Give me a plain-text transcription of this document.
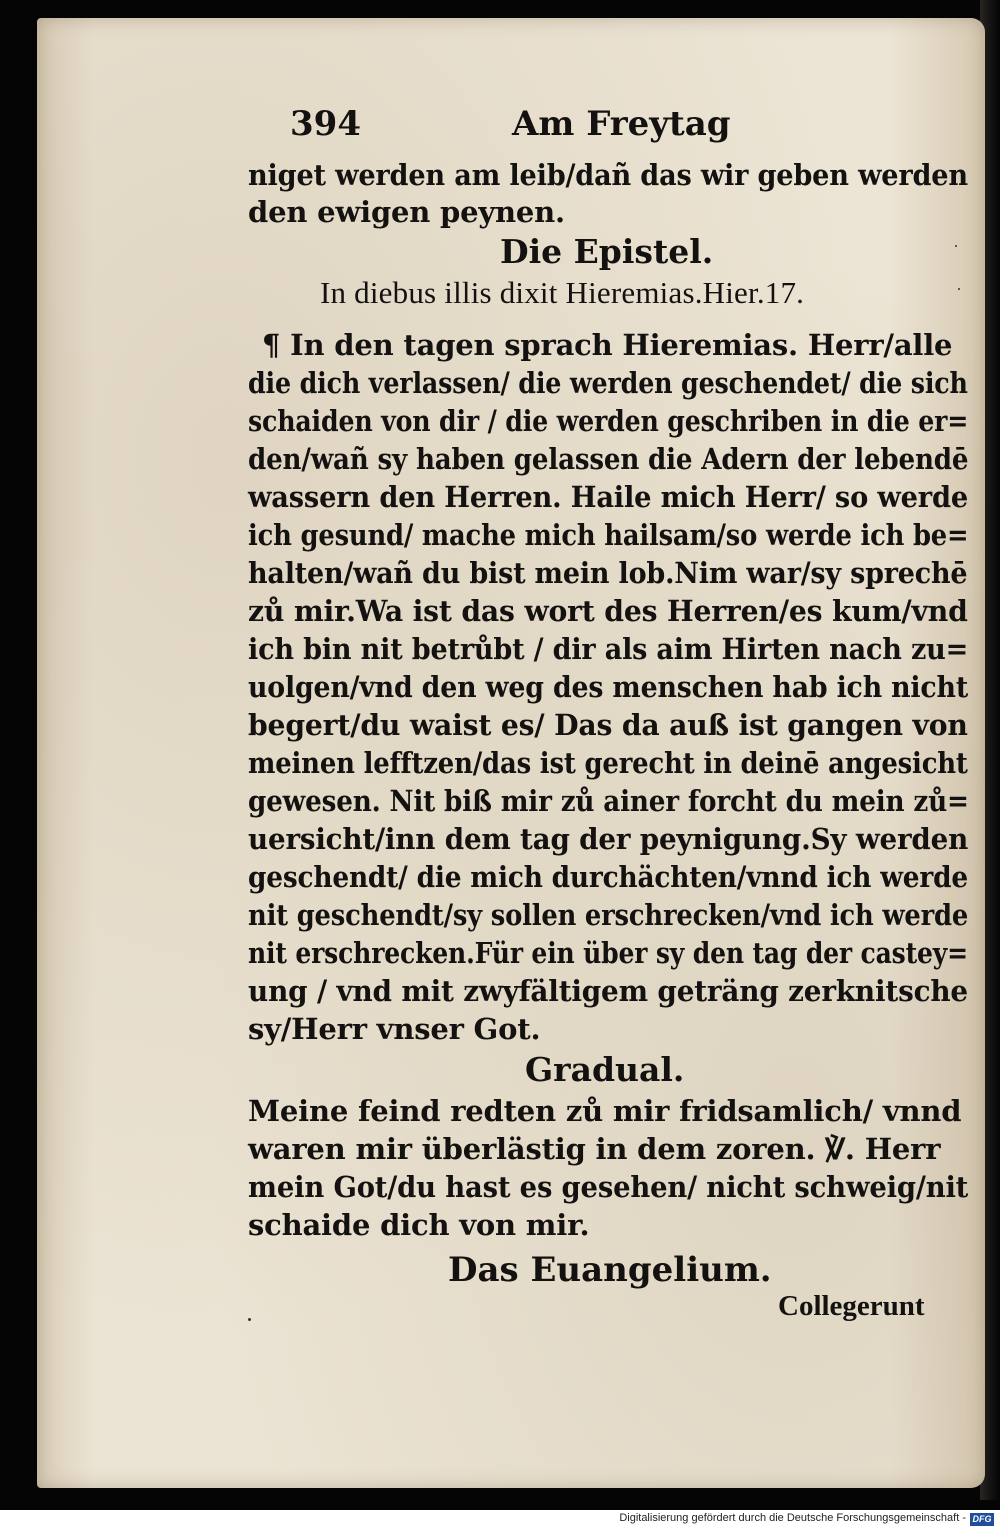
394	Am Freytag
niget werden am leib/dañ das wir geben werden
den ewigen peynen.
Die Epistel.
In diebus illis dixit Hieremias.Hier.17.
¶ In den tagen sprach Hieremias. Herr/alle
die dich verlassen/ die werden geschendet/ die sich
schaiden von dir / die werden geschriben in die er=
den/wañ sy haben gelassen die Adern der lebendē
wassern den Herren. Haile mich Herr/ so werde
ich gesund/ mache mich hailsam/so werde ich be=
halten/wañ du bist mein lob.Nim war/sy sprechē
zů mir.Wa ist das wort des Herren/es kum/vnd
ich bin nit betrůbt / dir als aim Hirten nach zu=
uolgen/vnd den weg des menschen hab ich nicht
begert/du waist es/ Das da auß ist gangen von
meinen lefftzen/das ist gerecht in deinē angesicht
gewesen. Nit biß mir zů ainer forcht du mein zů=
uersicht/inn dem tag der peynigung.Sy werden
geschendt/ die mich durchächten/vnnd ich werde
nit geschendt/sy sollen erschrecken/vnd ich werde
nit erschrecken.Für ein über sy den tag der castey=
ung / vnd mit zwyfältigem geträng zerknitsche
sy/Herr vnser Got.
Gradual.
Meine feind redten zů mir fridsamlich/ vnnd
waren mir überlästig in dem zoren. ℣. Herr
mein Got/du hast es gesehen/ nicht schweig/nit
schaide dich von mir.
Das Euangelium.
Collegerunt
Digitalisierung gefördert durch die Deutsche Forschungsgemeinschaft - DFG
